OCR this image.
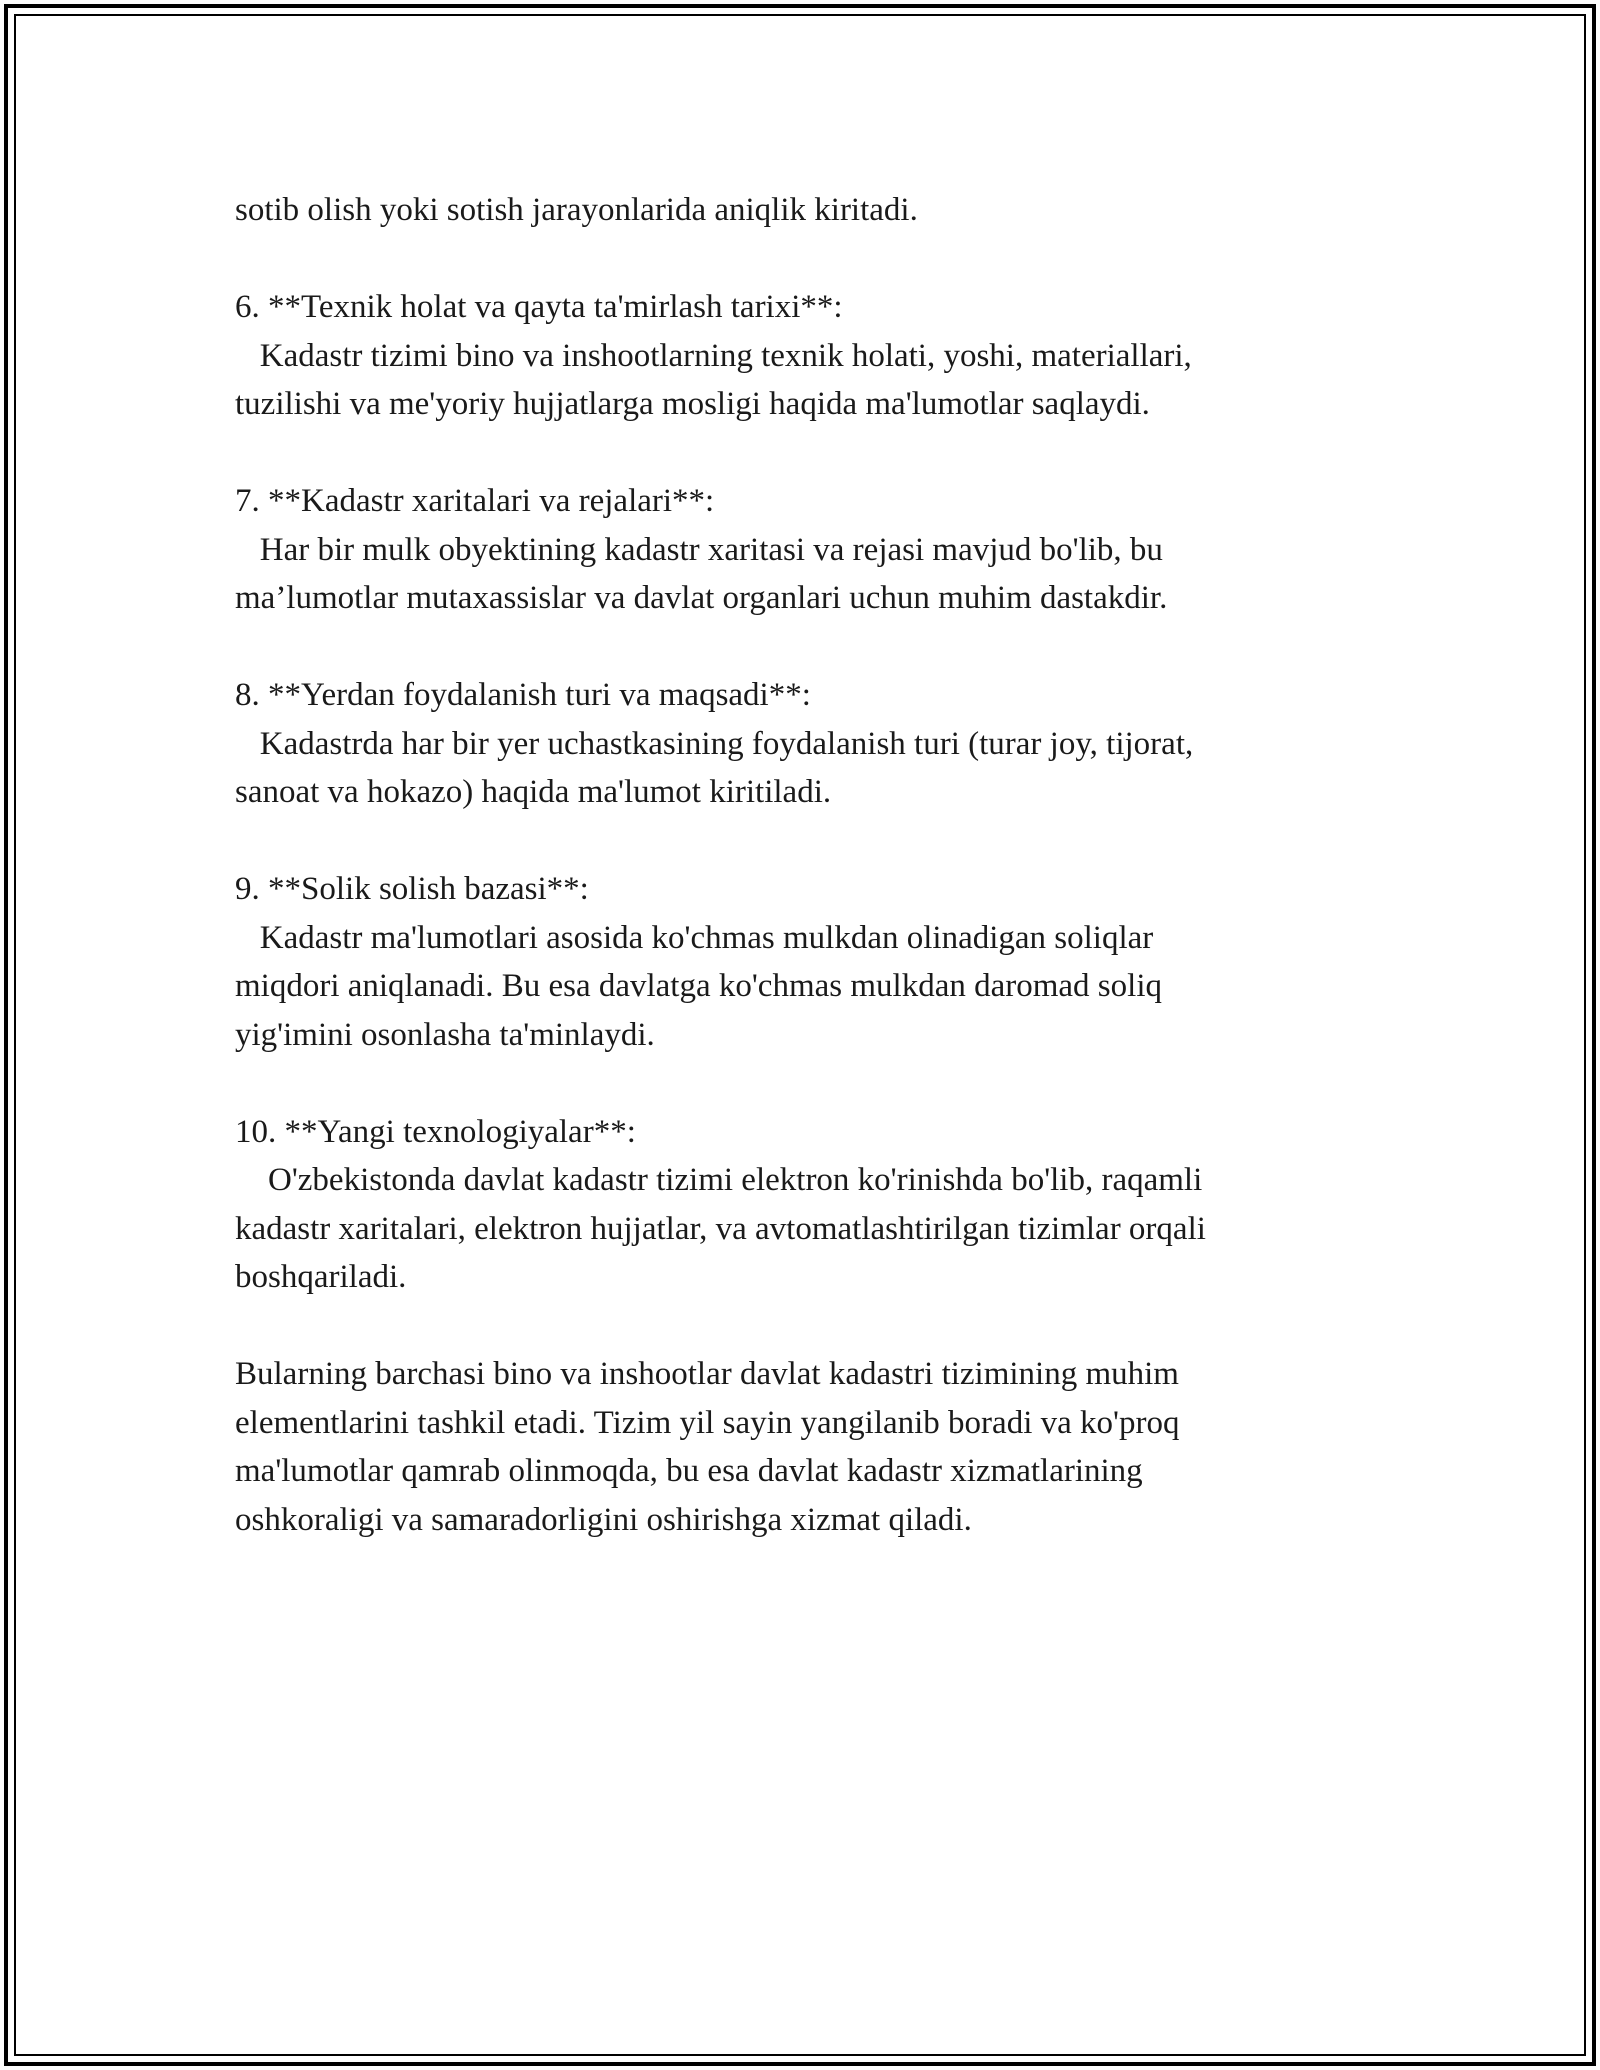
sotib olish yoki sotish jarayonlarida aniqlik kiritadi.

6. **Texnik holat va qayta ta'mirlash tarixi**:

Kadastr tizimi bino va inshootlarning texnik holati, yoshi, materiallari,

tuzilishi va me'yoriy hujjatlarga mosligi haqida ma'lumotlar saqlaydi.

7. **Kadastr xaritalari va rejalari**:

Har bir mulk obyektining kadastr xaritasi va rejasi mavjud bo'lib, bu

ma’lumotlar mutaxassislar va davlat organlari uchun muhim dastakdir.

8. **Yerdan foydalanish turi va maqsadi**:

Kadastrda har bir yer uchastkasining foydalanish turi (turar joy, tijorat,

sanoat va hokazo) haqida ma'lumot kiritiladi.

9. **Solik solish bazasi**:

Kadastr ma'lumotlari asosida ko'chmas mulkdan olinadigan soliqlar

miqdori aniqlanadi. Bu esa davlatga ko'chmas mulkdan daromad soliq

yig'imini osonlasha ta'minlaydi.

10. **Yangi texnologiyalar**:

O'zbekistonda davlat kadastr tizimi elektron ko'rinishda bo'lib, raqamli

kadastr xaritalari, elektron hujjatlar, va avtomatlashtirilgan tizimlar orqali

boshqariladi.

Bularning barchasi bino va inshootlar davlat kadastri tizimining muhim

elementlarini tashkil etadi. Tizim yil sayin yangilanib boradi va ko'proq

ma'lumotlar qamrab olinmoqda, bu esa davlat kadastr xizmatlarining

oshkoraligi va samaradorligini oshirishga xizmat qiladi.
